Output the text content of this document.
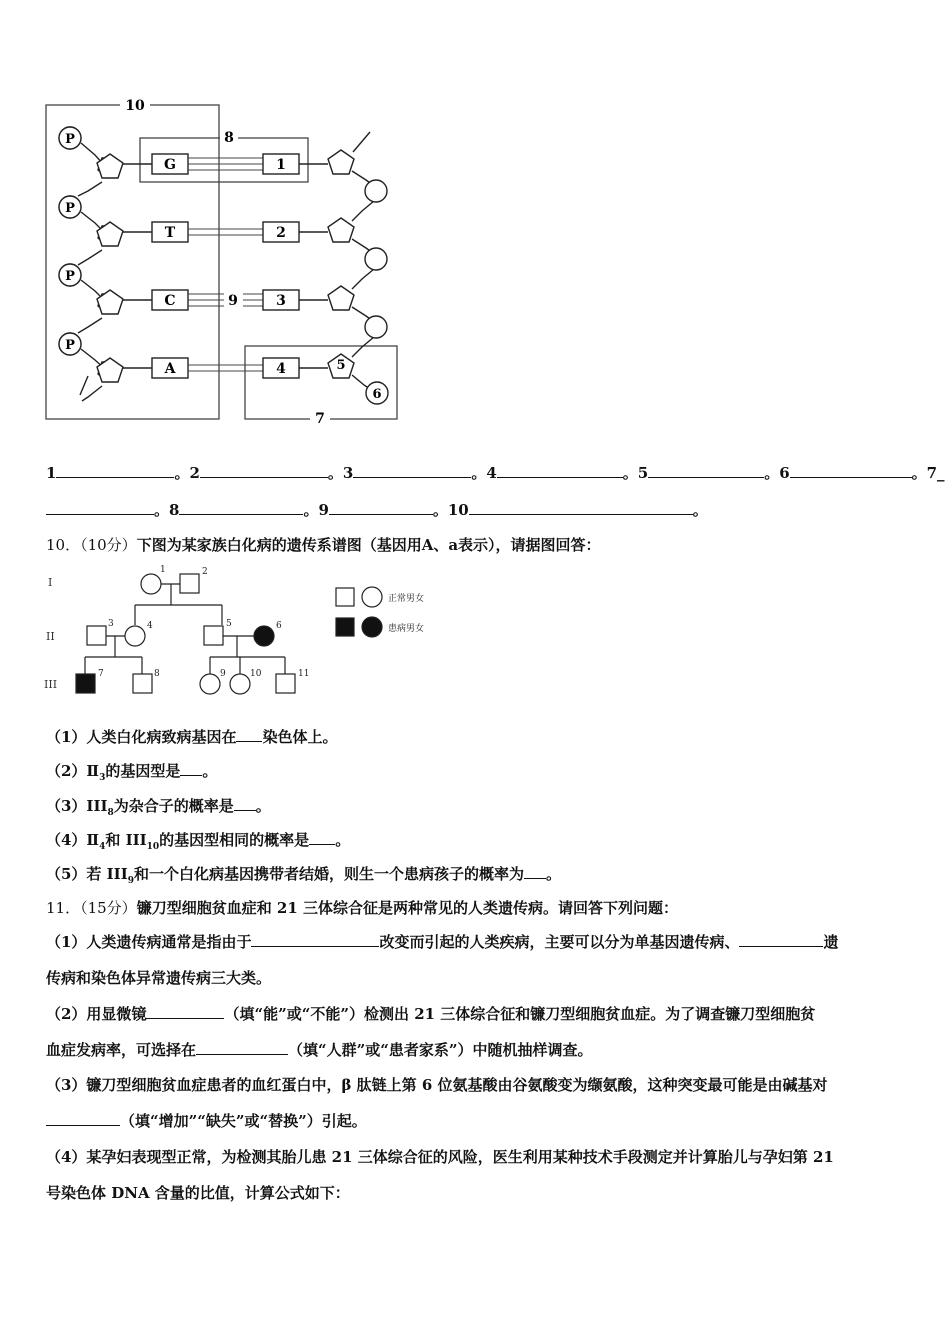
10
8
7
P
P
P
P
G
T
C
A
9
1
2
3
4	5
6
1	。2	。3	。4	。5	。6	。7_
。8	。9	。10	。
10．（10分）下图为某家族白化病的遗传系谱图（基因用A、a表示），请据图回答：
I
II
III
1	2
3	4	5	6
7	8	9	10	11
正常男女
患病男女
（1）人类白化病致病基因在 染色体上。
$(2)Ⅱ_3$的基因型是 。
$(3)III_8$为杂合子的概率是 。
$(4)Ⅱ_4$和 $III_{10}$的基因型相同的概率是 。
（5）若 $III_9$和一个白化病基因携带者结婚，则生一个患病孩子的概率为 。
11．（15分）镰刀型细胞贫血症和 21 三体综合征是两种常见的人类遗传病。请回答下列问题：
（1）人类遗传病通常是指由于	改变而引起的人类疾病，主要可以分为单基因遗传病、	遗
传病和染色体异常遗传病三大类。
（2）用显微镜	（填“能”或“不能”）检测出 21 三体综合征和镰刀型细胞贫血症。为了调查镰刀型细胞贫
血症发病率，可选择在	（填“人群”或“患者家系”）中随机抽样调查。
（3）镰刀型细胞贫血症患者的血红蛋白中，β 肽链上第 6 位氨基酸由谷氨酸变为缬氨酸，这种突变最可能是由碱基对
（填“增加”“缺失”或“替换”）引起。
（4）某孕妇表现型正常，为检测其胎儿患 21 三体综合征的风险，医生利用某种技术手段测定并计算胎儿与孕妇第 21
号染色体 DNA 含量的比值，计算公式如下：
